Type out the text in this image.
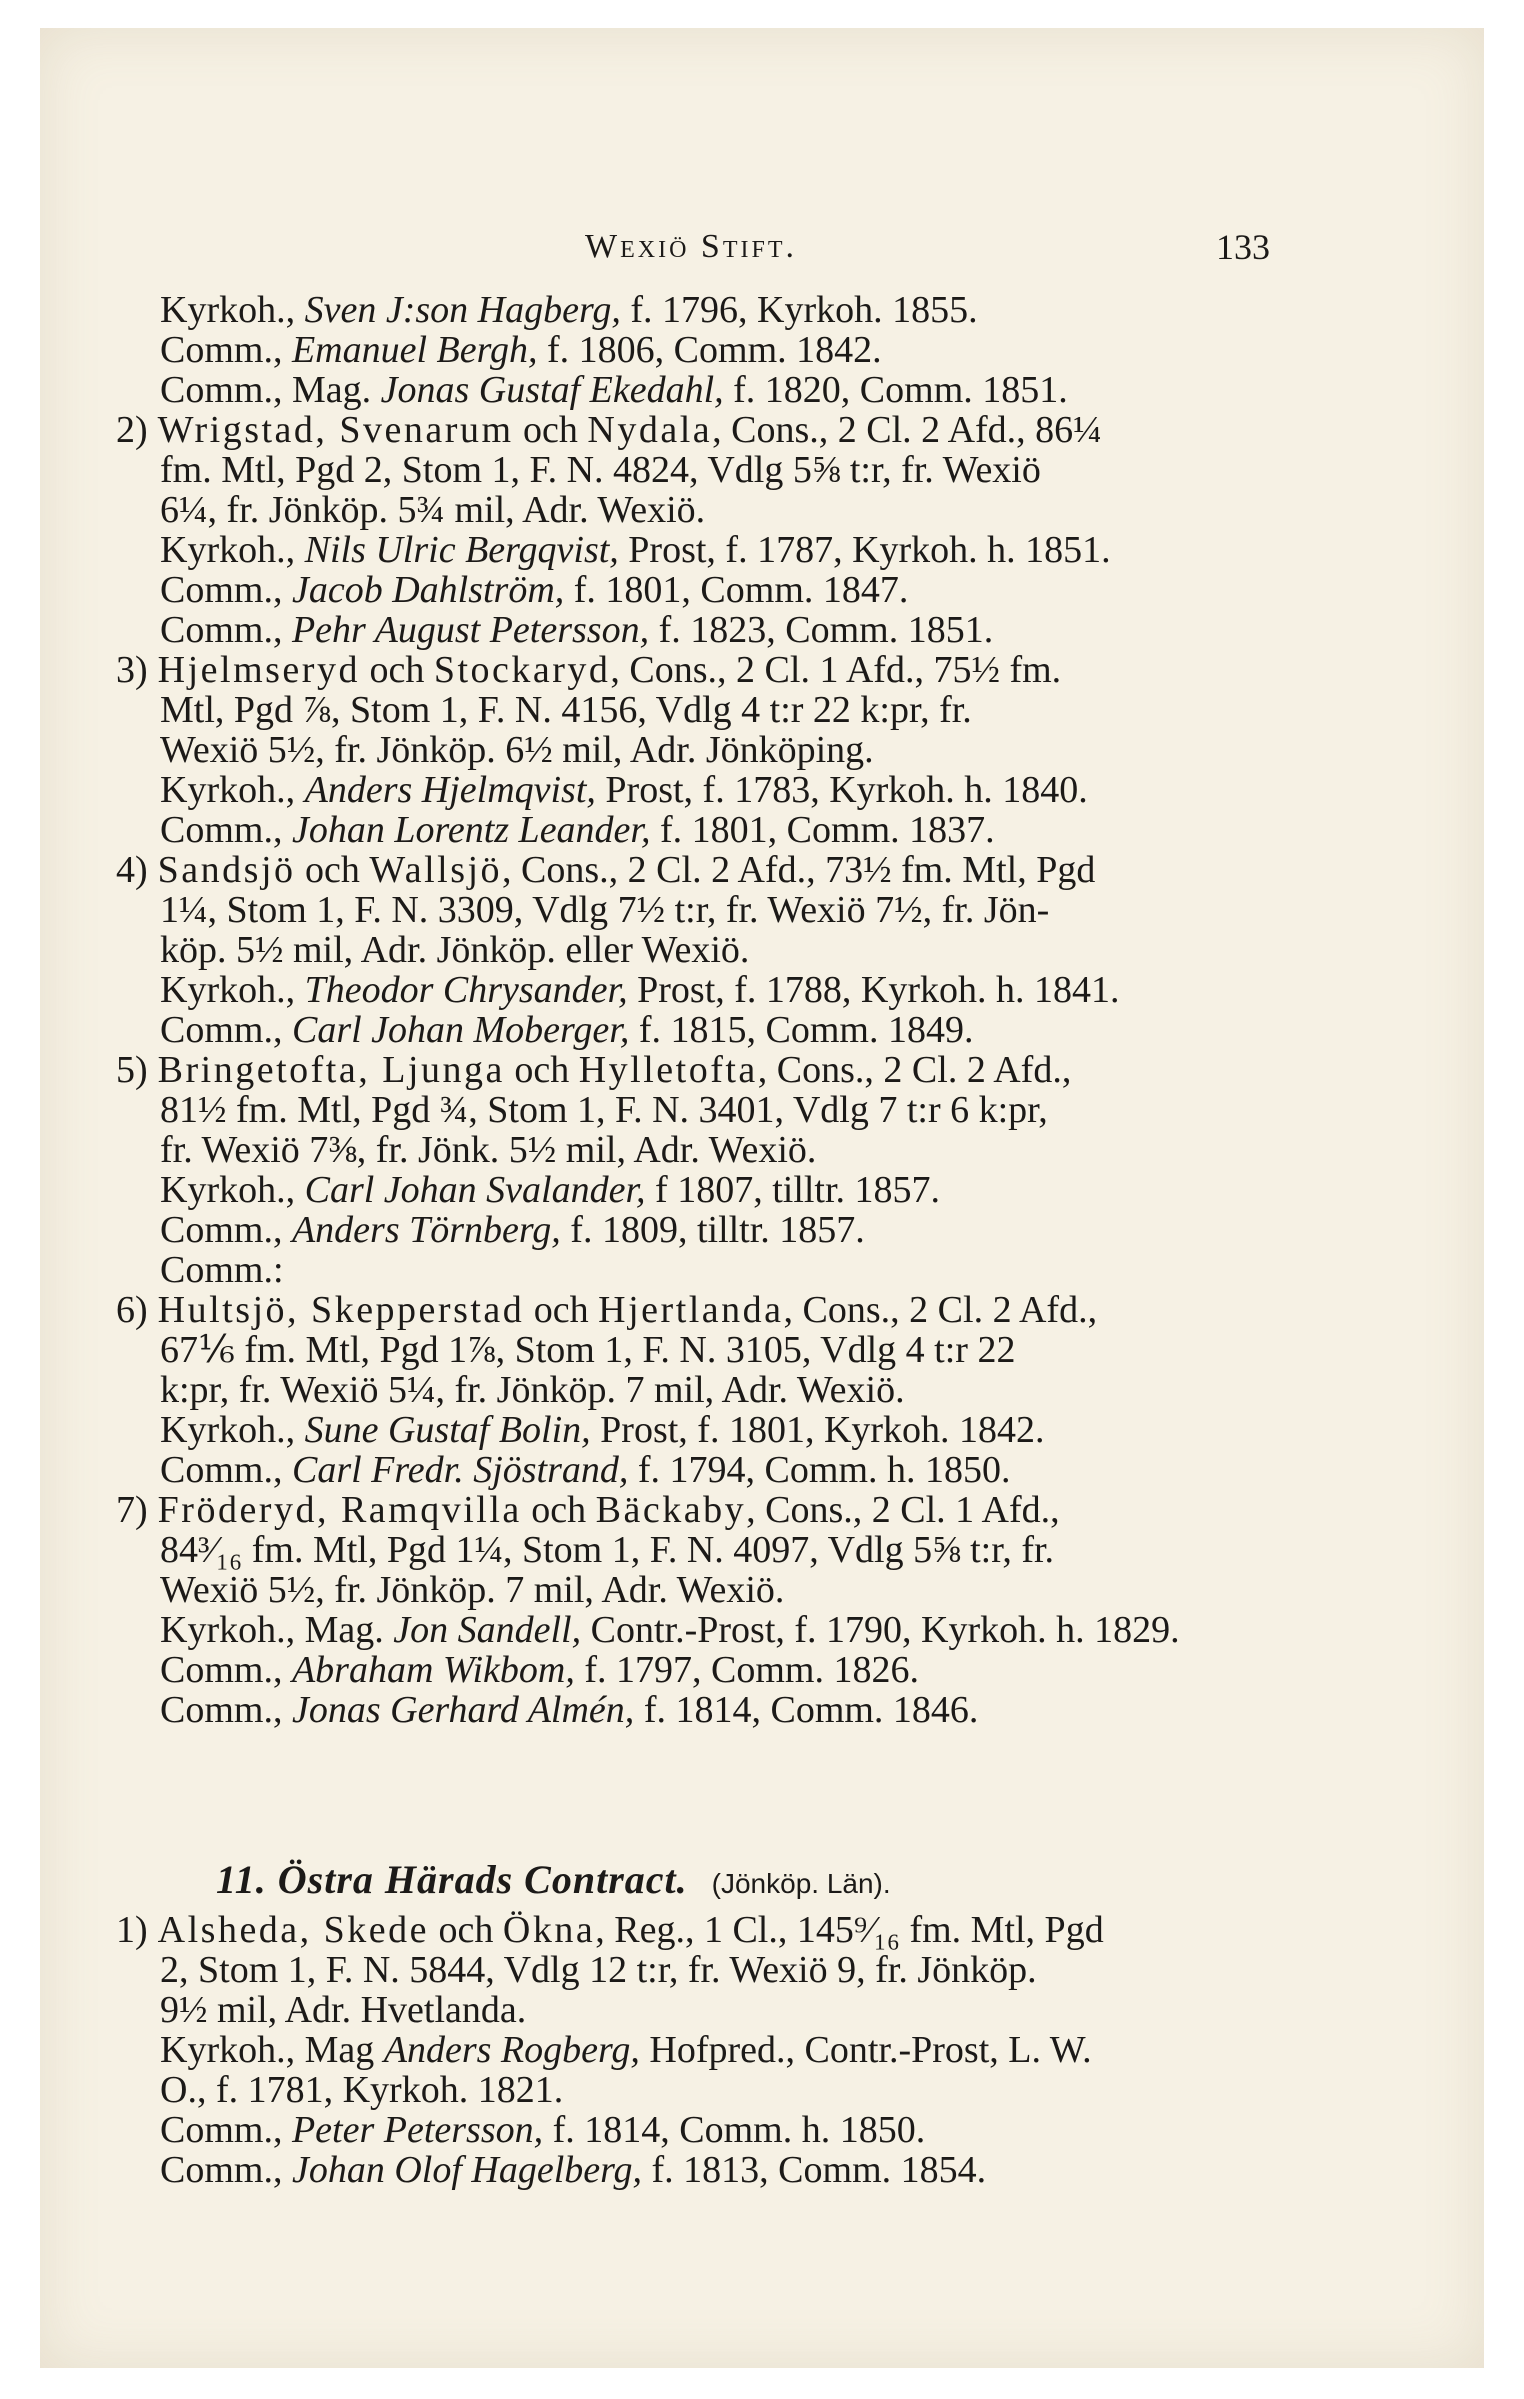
Wexiö Stift.	133
Kyrkoh., Sven J:son Hagberg, f. 1796, Kyrkoh. 1855.
Comm., Emanuel Bergh, f. 1806, Comm. 1842.
Comm., Mag. Jonas Gustaf Ekedahl, f. 1820, Comm. 1851.
2) Wrigstad, Svenarum och Nydala, Cons., 2 Cl. 2 Afd., 86¼
fm. Mtl, Pgd 2, Stom 1, F. N. 4824, Vdlg 5⅝ t:r, fr. Wexiö
6¼, fr. Jönköp. 5¾ mil, Adr. Wexiö.
Kyrkoh., Nils Ulric Bergqvist, Prost, f. 1787, Kyrkoh. h. 1851.
Comm., Jacob Dahlström, f. 1801, Comm. 1847.
Comm., Pehr August Petersson, f. 1823, Comm. 1851.
3) Hjelmseryd och Stockaryd, Cons., 2 Cl. 1 Afd., 75½ fm.
Mtl, Pgd ⅞, Stom 1, F. N. 4156, Vdlg 4 t:r 22 k:pr, fr.
Wexiö 5½, fr. Jönköp. 6½ mil, Adr. Jönköping.
Kyrkoh., Anders Hjelmqvist, Prost, f. 1783, Kyrkoh. h. 1840.
Comm., Johan Lorentz Leander, f. 1801, Comm. 1837.
4) Sandsjö och Wallsjö, Cons., 2 Cl. 2 Afd., 73½ fm. Mtl, Pgd
1¼, Stom 1, F. N. 3309, Vdlg 7½ t:r, fr. Wexiö 7½, fr. Jön-
köp. 5½ mil, Adr. Jönköp. eller Wexiö.
Kyrkoh., Theodor Chrysander, Prost, f. 1788, Kyrkoh. h. 1841.
Comm., Carl Johan Moberger, f. 1815, Comm. 1849.
5) Bringetofta, Ljunga och Hylletofta, Cons., 2 Cl. 2 Afd.,
81½ fm. Mtl, Pgd ¾, Stom 1, F. N. 3401, Vdlg 7 t:r 6 k:pr,
fr. Wexiö 7⅜, fr. Jönk. 5½ mil, Adr. Wexiö.
Kyrkoh., Carl Johan Svalander, f 1807, tilltr. 1857.
Comm., Anders Törnberg, f. 1809, tilltr. 1857.
Comm.:
6) Hultsjö, Skepperstad och Hjertlanda, Cons., 2 Cl. 2 Afd.,
67⅙ fm. Mtl, Pgd 1⅞, Stom 1, F. N. 3105, Vdlg 4 t:r 22
k:pr, fr. Wexiö 5¼, fr. Jönköp. 7 mil, Adr. Wexiö.
Kyrkoh., Sune Gustaf Bolin, Prost, f. 1801, Kyrkoh. 1842.
Comm., Carl Fredr. Sjöstrand, f. 1794, Comm. h. 1850.
7) Fröderyd, Ramqvilla och Bäckaby, Cons., 2 Cl. 1 Afd.,
84³⁄₁₆ fm. Mtl, Pgd 1¼, Stom 1, F. N. 4097, Vdlg 5⅝ t:r, fr.
Wexiö 5½, fr. Jönköp. 7 mil, Adr. Wexiö.
Kyrkoh., Mag. Jon Sandell, Contr.-Prost, f. 1790, Kyrkoh. h. 1829.
Comm., Abraham Wikbom, f. 1797, Comm. 1826.
Comm., Jonas Gerhard Almén, f. 1814, Comm. 1846.
1) Alsheda, Skede och Ökna, Reg., 1 Cl., 145⁹⁄₁₆ fm. Mtl, Pgd
2, Stom 1, F. N. 5844, Vdlg 12 t:r, fr. Wexiö 9, fr. Jönköp.
9½ mil, Adr. Hvetlanda.
Kyrkoh., Mag Anders Rogberg, Hofpred., Contr.-Prost, L. W.
O., f. 1781, Kyrkoh. 1821.
Comm., Peter Petersson, f. 1814, Comm. h. 1850.
Comm., Johan Olof Hagelberg, f. 1813, Comm. 1854.
11. Östra Härads Contract. (Jönköp. Län).
